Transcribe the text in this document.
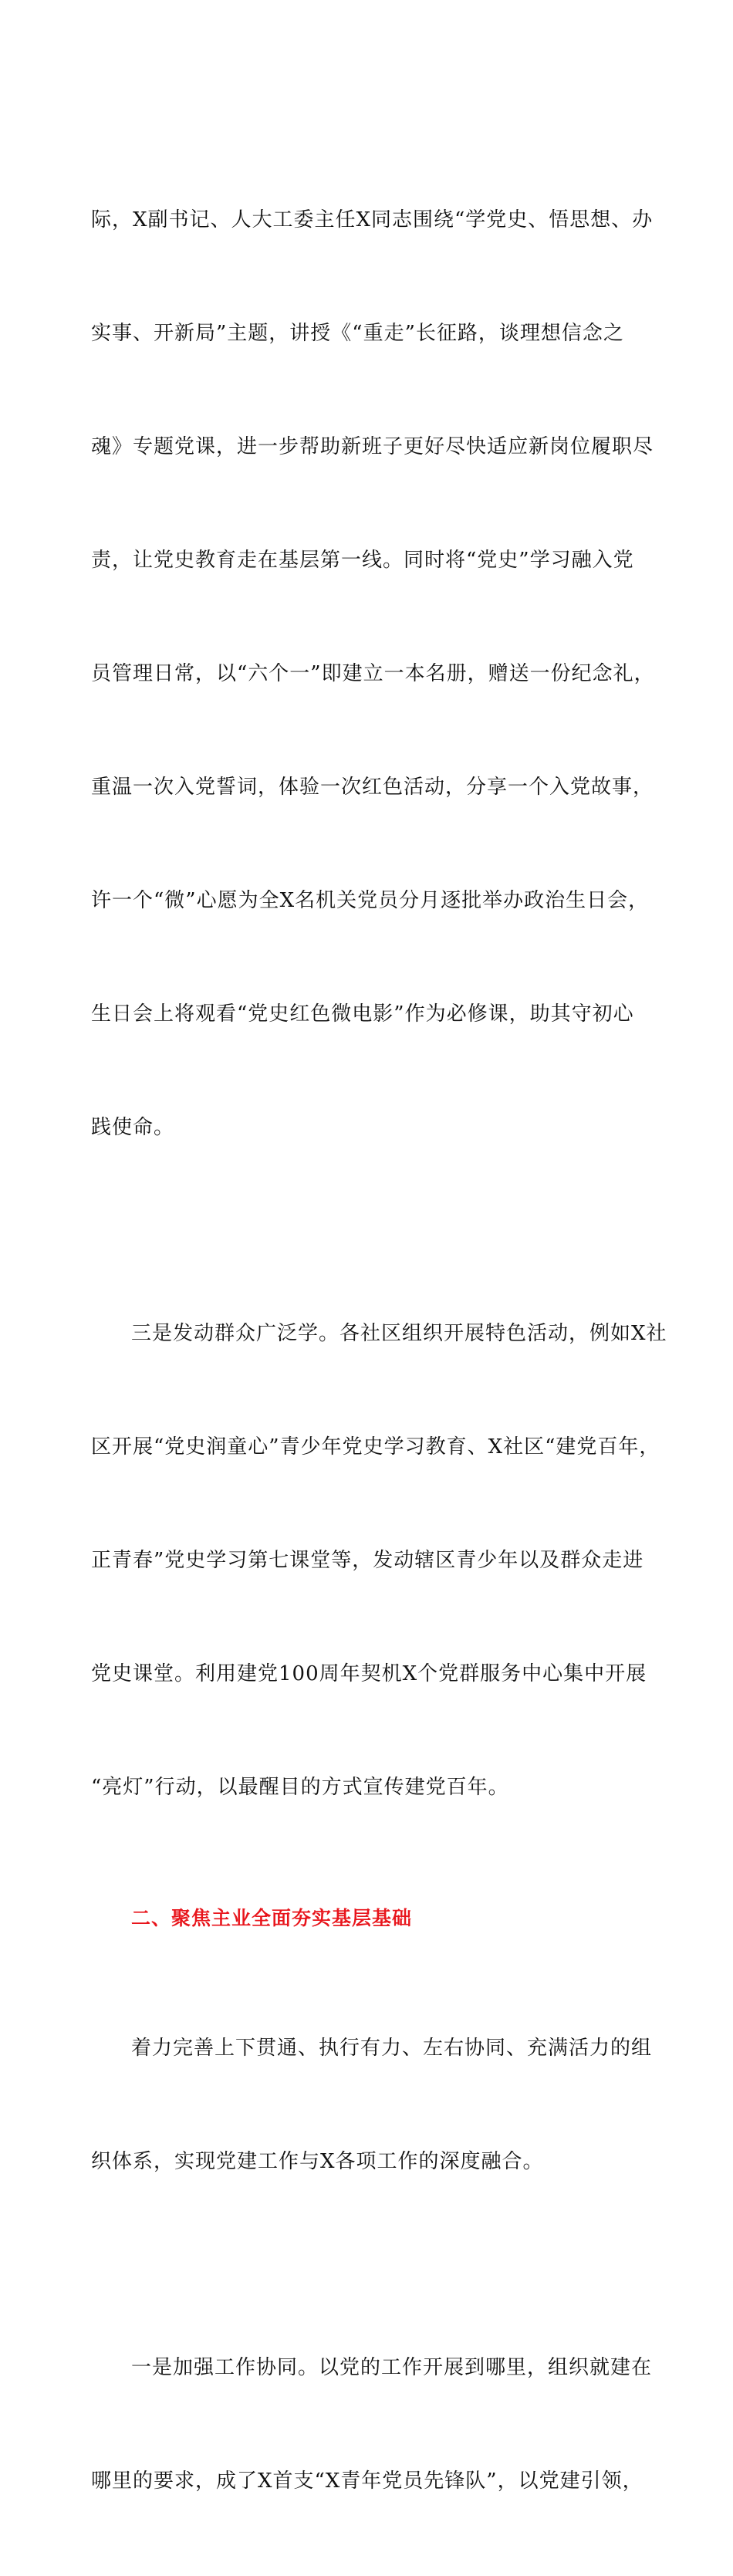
际，X副书记、人大工委主任X同志围绕“学党史、悟思想、办

实事、开新局”主题，讲授《“重走”长征路，谈理想信念之

魂》专题党课，进一步帮助新班子更好尽快适应新岗位履职尽

责，让党史教育走在基层第一线。同时将“党史”学习融入党

员管理日常，以“六个一”即建立一本名册，赠送一份纪念礼，

重温一次入党誓词，体验一次红色活动，分享一个入党故事，

许一个“微”心愿为全X名机关党员分月逐批举办政治生日会，

生日会上将观看“党史红色微电影”作为必修课，助其守初心

践使命。

三是发动群众广泛学。各社区组织开展特色活动，例如X社

区开展“党史润童心”青少年党史学习教育、X社区“建党百年，

正青春”党史学习第七课堂等，发动辖区青少年以及群众走进

党史课堂。利用建党100周年契机X个党群服务中心集中开展

“亮灯”行动，以最醒目的方式宣传建党百年。

二、聚焦主业全面夯实基层基础

着力完善上下贯通、执行有力、左右协同、充满活力的组

织体系，实现党建工作与X各项工作的深度融合。

一是加强工作协同。以党的工作开展到哪里，组织就建在

哪里的要求，成了X首支“X青年党员先锋队”，以党建引领，
